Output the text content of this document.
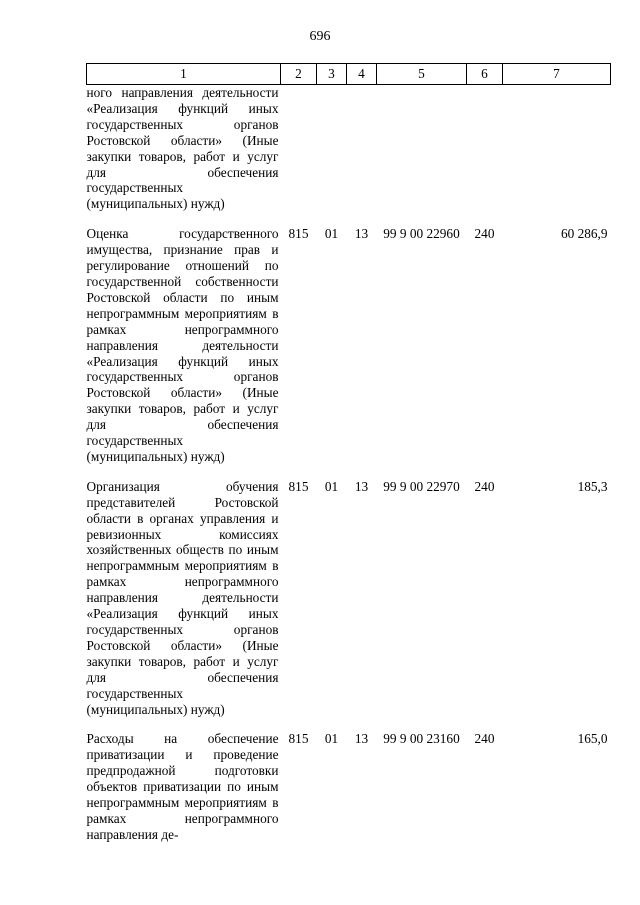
696
1	2	3	4	5	6	7
ного направления деятельности «Реализация функций иных государственных органов Ростовской области» (Иные закупки товаров, работ и услуг для обеспечения государственных (муниципальных) нужд)						

Оценка государственного имущества, признание прав и регулирование отношений по государственной собственности Ростовской области по иным непрограммным мероприятиям в рамках непрограммного направления деятельности «Реализация функций иных государственных органов Ростовской области» (Иные закупки товаров, работ и услуг для обеспечения государственных (муниципальных) нужд)	815	01	13	99 9 00 22960	240	60 286,9

Организация обучения представителей Ростовской области в органах управления и ревизионных комиссиях хозяйственных обществ по иным непрограммным мероприятиям в рамках непрограммного направления деятельности «Реализация функций иных государственных органов Ростовской области» (Иные закупки товаров, работ и услуг для обеспечения государственных (муниципальных) нужд)	815	01	13	99 9 00 22970	240	185,3

Расходы на обеспечение приватизации и проведение предпродажной подготовки объектов приватизации по иным непрограммным мероприятиям в рамках непрограммного направления де-	815	01	13	99 9 00 23160	240	165,0
